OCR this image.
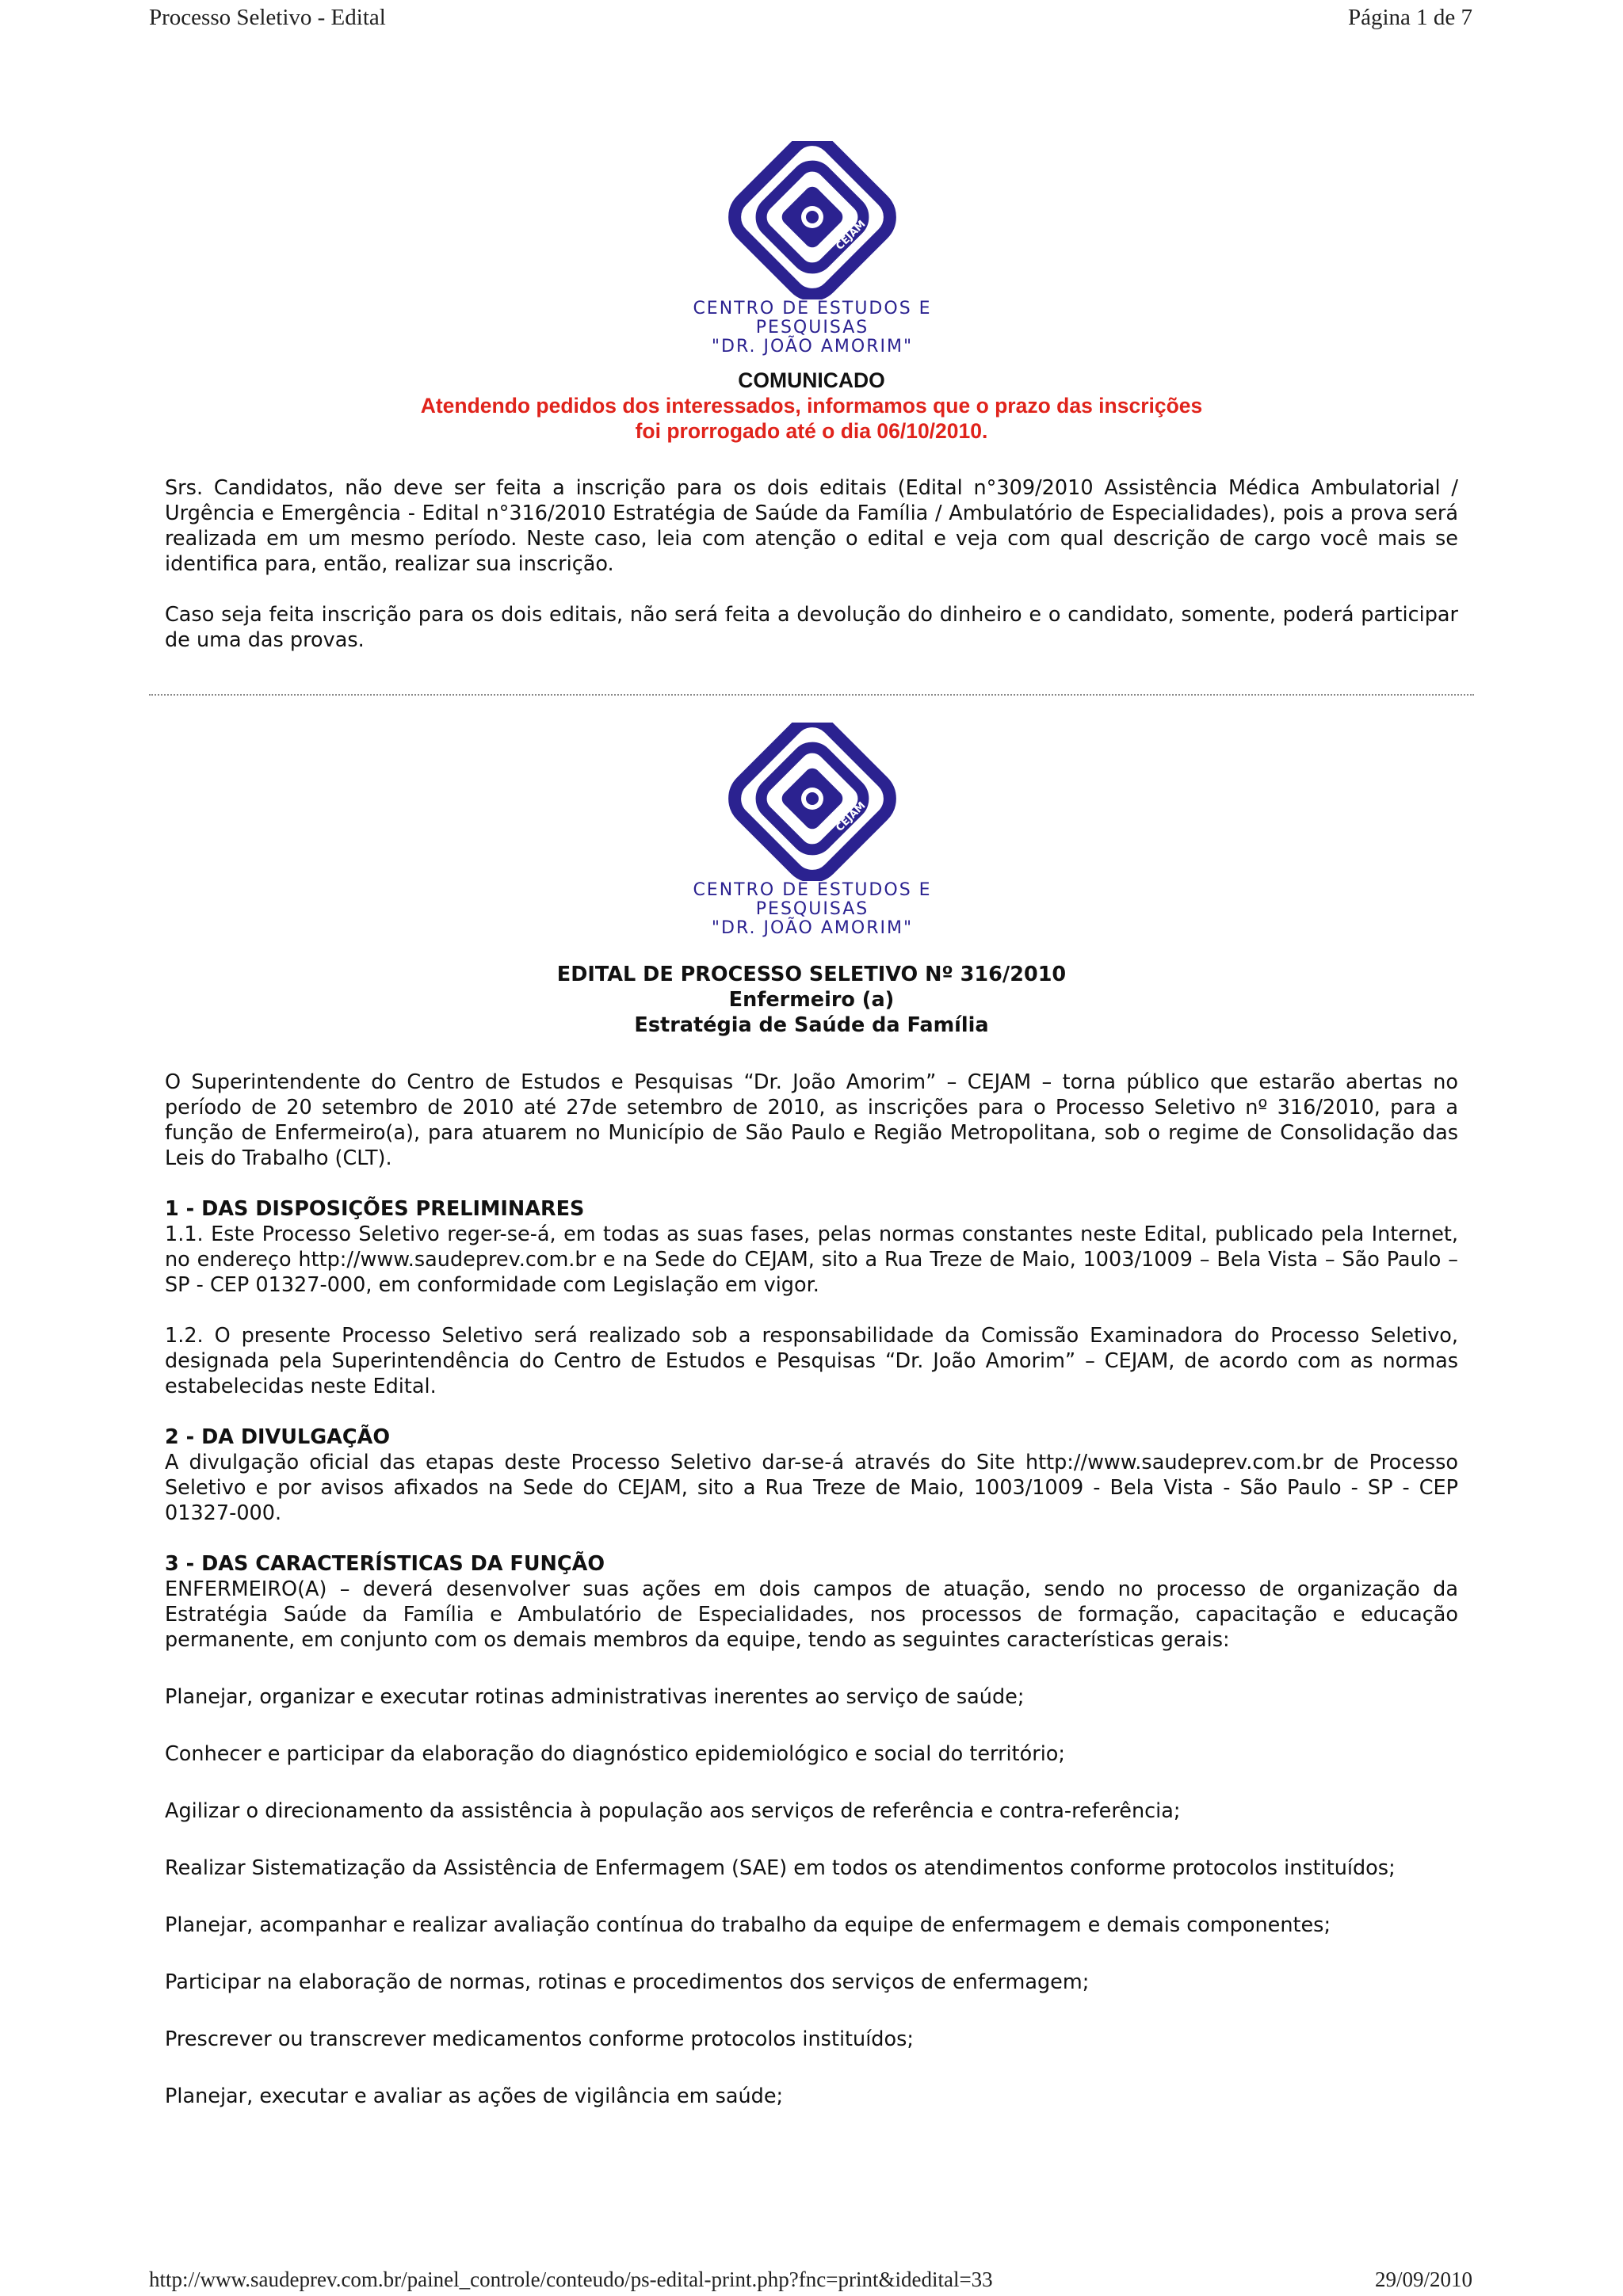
Processo Seletivo - Edital	Página 1 de 7
CEJAM
CENTRO DE ESTUDOS E PESQUISAS
"DR. JOÃO AMORIM"
COMUNICADO
Atendendo pedidos dos interessados, informamos que o prazo das inscrições
foi prorrogado até o dia 06/10/2010.

Srs. Candidatos, não deve ser feita a inscrição para os dois editais (Edital n°309/2010 Assistência Médica Ambulatorial / Urgência e Emergência - Edital n°316/2010 Estratégia de Saúde da Família / Ambulatório de Especialidades), pois a prova será realizada em um mesmo período. Neste caso, leia com atenção o edital e veja com qual descrição de cargo você mais se identifica para, então, realizar sua inscrição.

Caso seja feita inscrição para os dois editais, não será feita a devolução do dinheiro e o candidato, somente, poderá participar de uma das provas.

CEJAM
CENTRO DE ESTUDOS E PESQUISAS
"DR. JOÃO AMORIM"
EDITAL DE PROCESSO SELETIVO Nº 316/2010
Enfermeiro (a)
Estratégia de Saúde da Família

O Superintendente do Centro de Estudos e Pesquisas “Dr. João Amorim” – CEJAM – torna público que estarão abertas no período de 20 setembro de 2010 até 27de setembro de 2010, as inscrições para o Processo Seletivo nº 316/2010, para a função de Enfermeiro(a), para atuarem no Município de São Paulo e Região Metropolitana, sob o regime de Consolidação das Leis do Trabalho (CLT).

1 - DAS DISPOSIÇÕES PRELIMINARES

1.1. Este Processo Seletivo reger-se-á, em todas as suas fases, pelas normas constantes neste Edital, publicado pela Internet, no endereço http://www.saudeprev.com.br e na Sede do CEJAM, sito a Rua Treze de Maio, 1003/1009 – Bela Vista – São Paulo – SP - CEP 01327-000, em conformidade com Legislação em vigor.

1.2. O presente Processo Seletivo será realizado sob a responsabilidade da Comissão Examinadora do Processo Seletivo, designada pela Superintendência do Centro de Estudos e Pesquisas “Dr. João Amorim” – CEJAM, de acordo com as normas estabelecidas neste Edital.

2 - DA DIVULGAÇÃO

A divulgação oficial das etapas deste Processo Seletivo dar-se-á através do Site http://www.saudeprev.com.br de Processo Seletivo e por avisos afixados na Sede do CEJAM, sito a Rua Treze de Maio, 1003/1009 - Bela Vista - São Paulo - SP - CEP 01327-000.

3 - DAS CARACTERÍSTICAS DA FUNÇÃO

ENFERMEIRO(A) – deverá desenvolver suas ações em dois campos de atuação, sendo no processo de organização da Estratégia Saúde da Família e Ambulatório de Especialidades, nos processos de formação, capacitação e educação permanente, em conjunto com os demais membros da equipe, tendo as seguintes características gerais:

Planejar, organizar e executar rotinas administrativas inerentes ao serviço de saúde;

Conhecer e participar da elaboração do diagnóstico epidemiológico e social do território;

Agilizar o direcionamento da assistência à população aos serviços de referência e contra-referência;

Realizar Sistematização da Assistência de Enfermagem (SAE) em todos os atendimentos conforme protocolos instituídos;

Planejar, acompanhar e realizar avaliação contínua do trabalho da equipe de enfermagem e demais componentes;

Participar na elaboração de normas, rotinas e procedimentos dos serviços de enfermagem;

Prescrever ou transcrever medicamentos conforme protocolos instituídos;

Planejar, executar e avaliar as ações de vigilância em saúde;

http://www.saudeprev.com.br/painel_controle/conteudo/ps-edital-print.php?fnc=print&idedital=33	29/09/2010
